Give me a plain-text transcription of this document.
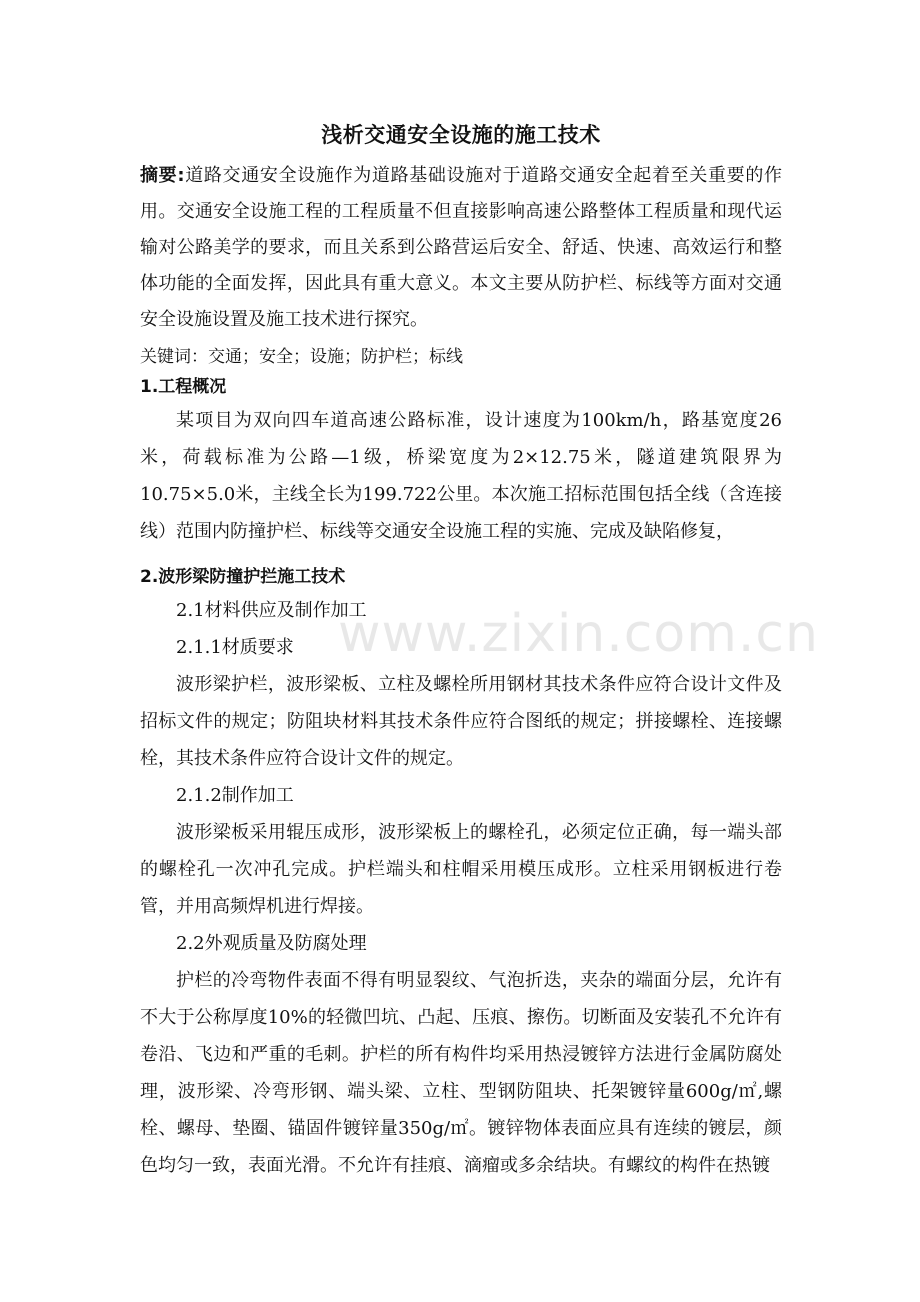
浅析交通安全设施的施工技术

摘要:道路交通安全设施作为道路基础设施对于道路交通安全起着至关重要的作用。交通安全设施工程的工程质量不但直接影响高速公路整体工程质量和现代运输对公路美学的要求，而且关系到公路营运后安全、舒适、快速、高效运行和整体功能的全面发挥，因此具有重大意义。本文主要从防护栏、标线等方面对交通安全设施设置及施工技术进行探究。

关键词：交通；安全；设施；防护栏；标线

1.工程概况

某项目为双向四车道高速公路标准，设计速度为100km/h，路基宽度26米，荷载标准为公路—1级，桥梁宽度为2×12.75米，隧道建筑限界为10.75×5.0米，主线全长为199.722公里。本次施工招标范围包括全线（含连接线）范围内防撞护栏、标线等交通安全设施工程的实施、完成及缺陷修复，

2.波形梁防撞护拦施工技术

2.1材料供应及制作加工

2.1.1材质要求

波形梁护栏，波形梁板、立柱及螺栓所用钢材其技术条件应符合设计文件及招标文件的规定；防阻块材料其技术条件应符合图纸的规定；拼接螺栓、连接螺栓，其技术条件应符合设计文件的规定。

2.1.2制作加工

波形梁板采用辊压成形，波形梁板上的螺栓孔，必须定位正确，每一端头部的螺栓孔一次冲孔完成。护栏端头和柱帽采用模压成形。立柱采用钢板进行卷管，并用高频焊机进行焊接。

2.2外观质量及防腐处理

护栏的冷弯物件表面不得有明显裂纹、气泡折迭，夹杂的端面分层，允许有不大于公称厚度10%的轻微凹坑、凸起、压痕、擦伤。切断面及安装孔不允许有卷沿、飞边和严重的毛刺。护栏的所有构件均采用热浸镀锌方法进行金属防腐处理，波形梁、冷弯形钢、端头梁、立柱、型钢防阻块、托架镀锌量600g/㎡,螺栓、螺母、垫圈、锚固件镀锌量350g/㎡。镀锌物体表面应具有连续的镀层，颜色均匀一致，表面光滑。不允许有挂痕、滴瘤或多余结块。有螺纹的构件在热镀

www.zixin.com.cn
